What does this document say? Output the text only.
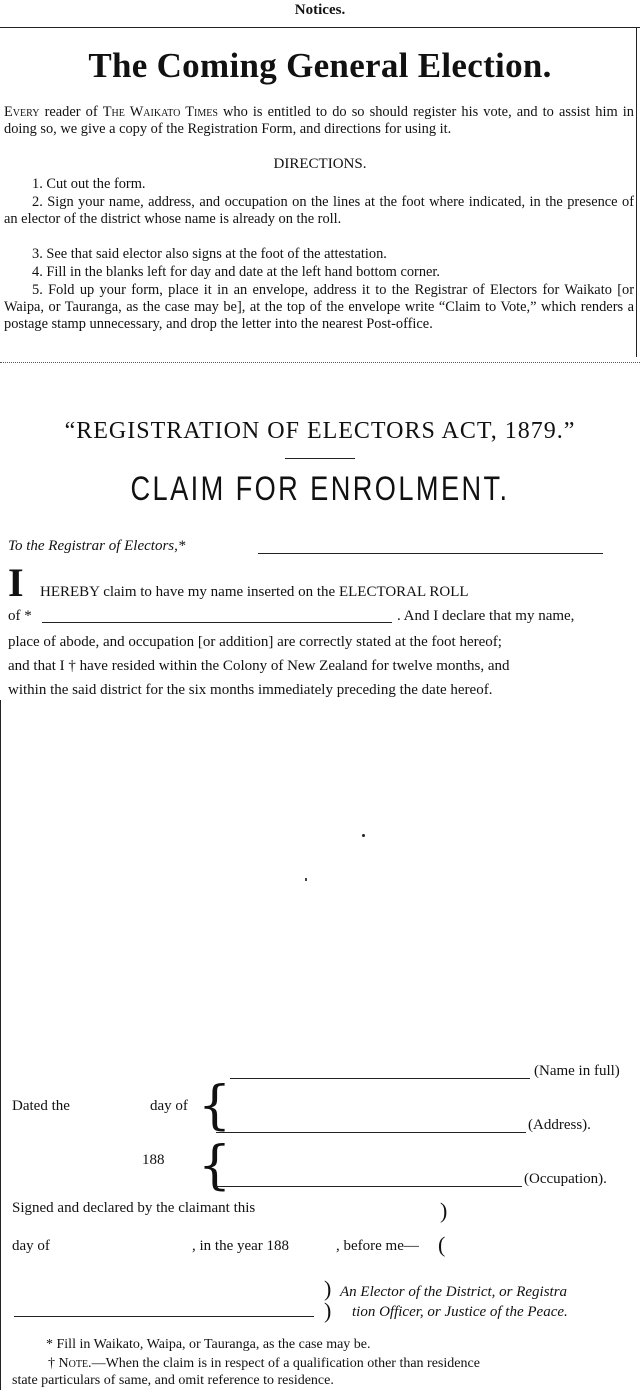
Notices.
The Coming General Election.
Every reader of The Waikato Times who is entitled to do so should register his vote, and to assist him in doing so, we give a copy of the Registration Form, and directions for using it.
DIRECTIONS.
1. Cut out the form.
2. Sign your name, address, and occupation on the lines at the foot where indicated, in the presence of an elector of the district whose name is already on the roll.
3. See that said elector also signs at the foot of the attestation.
4. Fill in the blanks left for day and date at the left hand bottom corner.
5. Fold up your form, place it in an envelope, address it to the Registrar of Electors for Waikato [or Waipa, or Tauranga, as the case may be], at the top of the envelope write “Claim to Vote,” which renders a postage stamp unnecessary, and drop the letter into the nearest Post-office.
“REGISTRATION OF ELECTORS ACT, 1879.”
CLAIM FOR ENROLMENT.
To the Registrar of Electors,*
I HEREBY claim to have my name inserted on the ELECTORAL ROLL
of *	. And I declare that my name,
place of abode, and occupation [or addition] are correctly stated at the foot hereof;
and that I † have resided within the Colony of New Zealand for twelve months, and
within the said district for the six months immediately preceding the date hereof.
(Name in full)
Dated the	day of {
{
(Address).
188
(Occupation).
Signed and declared by the claimant this	)
day of	, in the year 188	, before me— (
)
)
An Elector of the District, or Registra
tion Officer, or Justice of the Peace.
* Fill in Waikato, Waipa, or Tauranga, as the case may be.
† Note.—When the claim is in respect of a qualification other than residence
state particulars of same, and omit reference to residence.
